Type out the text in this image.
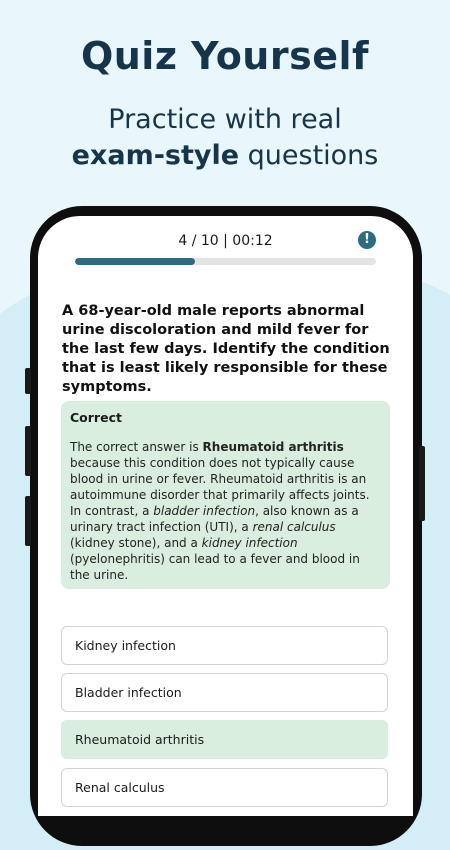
Quiz Yourself
Practice with real
exam-style questions
4 / 10 | 00:12	!
A 68-year-old male reports abnormal urine discoloration and mild fever for the last few days. Identify the condition that is least likely responsible for these symptoms.
Correct
The correct answer is Rheumatoid arthritis because this condition does not typically cause blood in urine or fever. Rheumatoid arthritis is an autoimmune disorder that primarily affects joints. In contrast, a bladder infection, also known as a urinary tract infection (UTI), a renal calculus (kidney stone), and a kidney infection (pyelonephritis) can lead to a fever and blood in the urine.
Kidney infection
Bladder infection
Rheumatoid arthritis
Renal calculus
